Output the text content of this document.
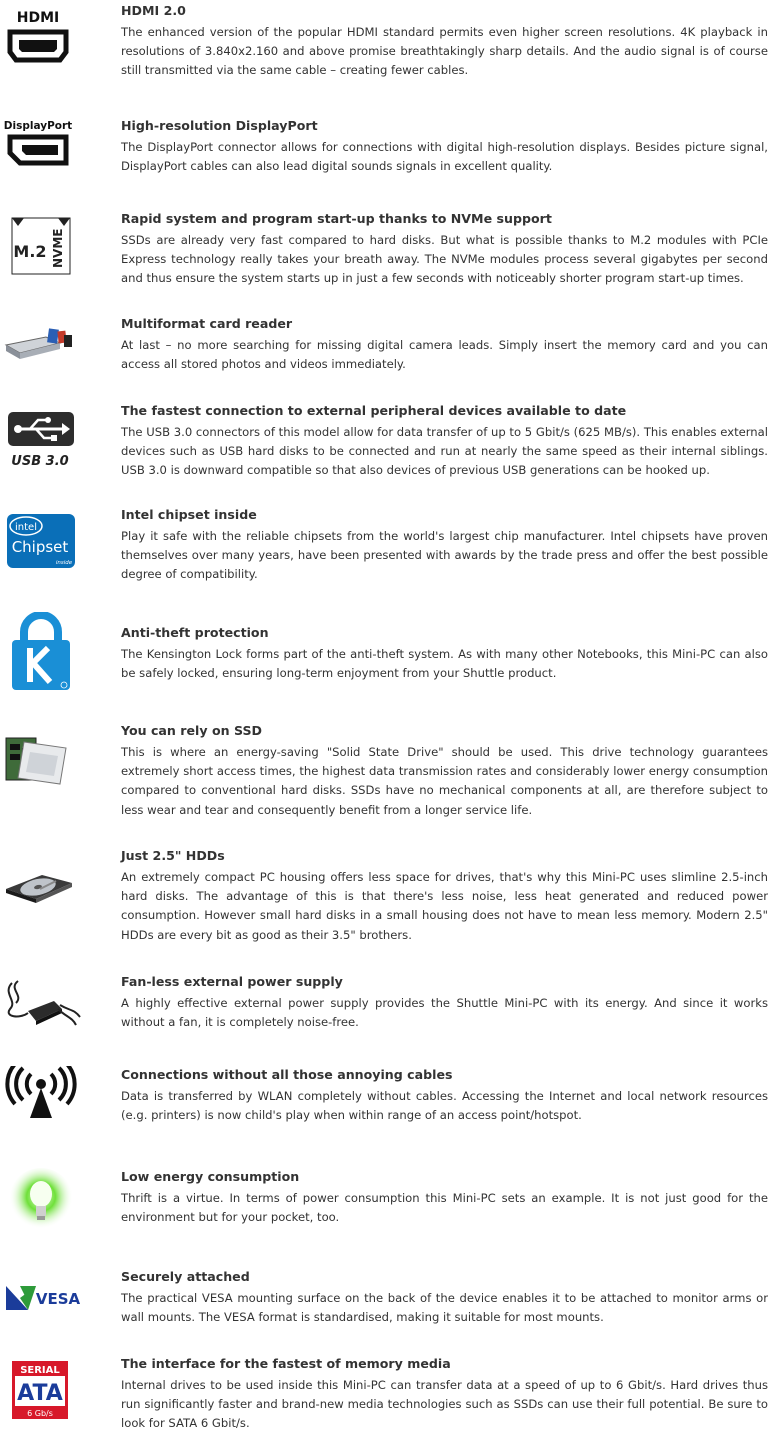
HDMI	HDMI 2.0

The enhanced version of the popular HDMI standard permits even higher screen resolutions. 4K playback in resolutions of 3.840x2.160 and above promise breathtakingly sharp details. And the audio signal is of course still transmitted via the same cable – creating fewer cables.

DisplayPort	High-resolution DisplayPort

The DisplayPort connector allows for connections with digital high-resolution displays. Besides picture signal, DisplayPort cables can also lead digital sounds signals in excellent quality.

M.2 NVME
Rapid system and program start-up thanks to NVMe support

SSDs are already very fast compared to hard disks. But what is possible thanks to M.2 modules with PCIe Express technology really takes your breath away. The NVMe modules process several gigabytes per second and thus ensure the system starts up in just a few seconds with noticeably shorter program start-up times.

Multiformat card reader

At last – no more searching for missing digital camera leads. Simply insert the memory card and you can access all stored photos and videos immediately.

USB 3.0
The fastest connection to external peripheral devices available to date

The USB 3.0 connectors of this model allow for data transfer of up to 5 Gbit/s (625 MB/s). This enables external devices such as USB hard disks to be connected and run at nearly the same speed as their internal siblings. USB 3.0 is downward compatible so that also devices of previous USB generations can be hooked up.

intel
Chipset
inside
Intel chipset inside

Play it safe with the reliable chipsets from the world's largest chip manufacturer. Intel chipsets have proven themselves over many years, have been presented with awards by the trade press and offer the best possible degree of compatibility.

Anti-theft protection

The Kensington Lock forms part of the anti-theft system. As with many other Notebooks, this Mini-PC can also be safely locked, ensuring long-term enjoyment from your Shuttle product.

You can rely on SSD

This is where an energy-saving "Solid State Drive" should be used. This drive technology guarantees extremely short access times, the highest data transmission rates and considerably lower energy consumption compared to conventional hard disks. SSDs have no mechanical components at all, are therefore subject to less wear and tear and consequently benefit from a longer service life.

Just 2.5" HDDs

An extremely compact PC housing offers less space for drives, that's why this Mini-PC uses slimline 2.5-inch hard disks. The advantage of this is that there's less noise, less heat generated and reduced power consumption. However small hard disks in a small housing does not have to mean less memory. Modern 2.5" HDDs are every bit as good as their 3.5" brothers.

Fan-less external power supply

A highly effective external power supply provides the Shuttle Mini-PC with its energy. And since it works without a fan, it is completely noise-free.

Connections without all those annoying cables

Data is transferred by WLAN completely without cables. Accessing the Internet and local network resources (e.g. printers) is now child's play when within range of an access point/hotspot.

Low energy consumption

Thrift is a virtue. In terms of power consumption this Mini-PC sets an example. It is not just good for the environment but for your pocket, too.

VESA
Securely attached

The practical VESA mounting surface on the back of the device enables it to be attached to monitor arms or wall mounts. The VESA format is standardised, making it suitable for most mounts.

SERIAL
ATA
6 Gb/s
The interface for the fastest of memory media

Internal drives to be used inside this Mini-PC can transfer data at a speed of up to 6 Gbit/s. Hard drives thus run significantly faster and brand-new media technologies such as SSDs can use their full potential. Be sure to look for SATA 6 Gbit/s.
